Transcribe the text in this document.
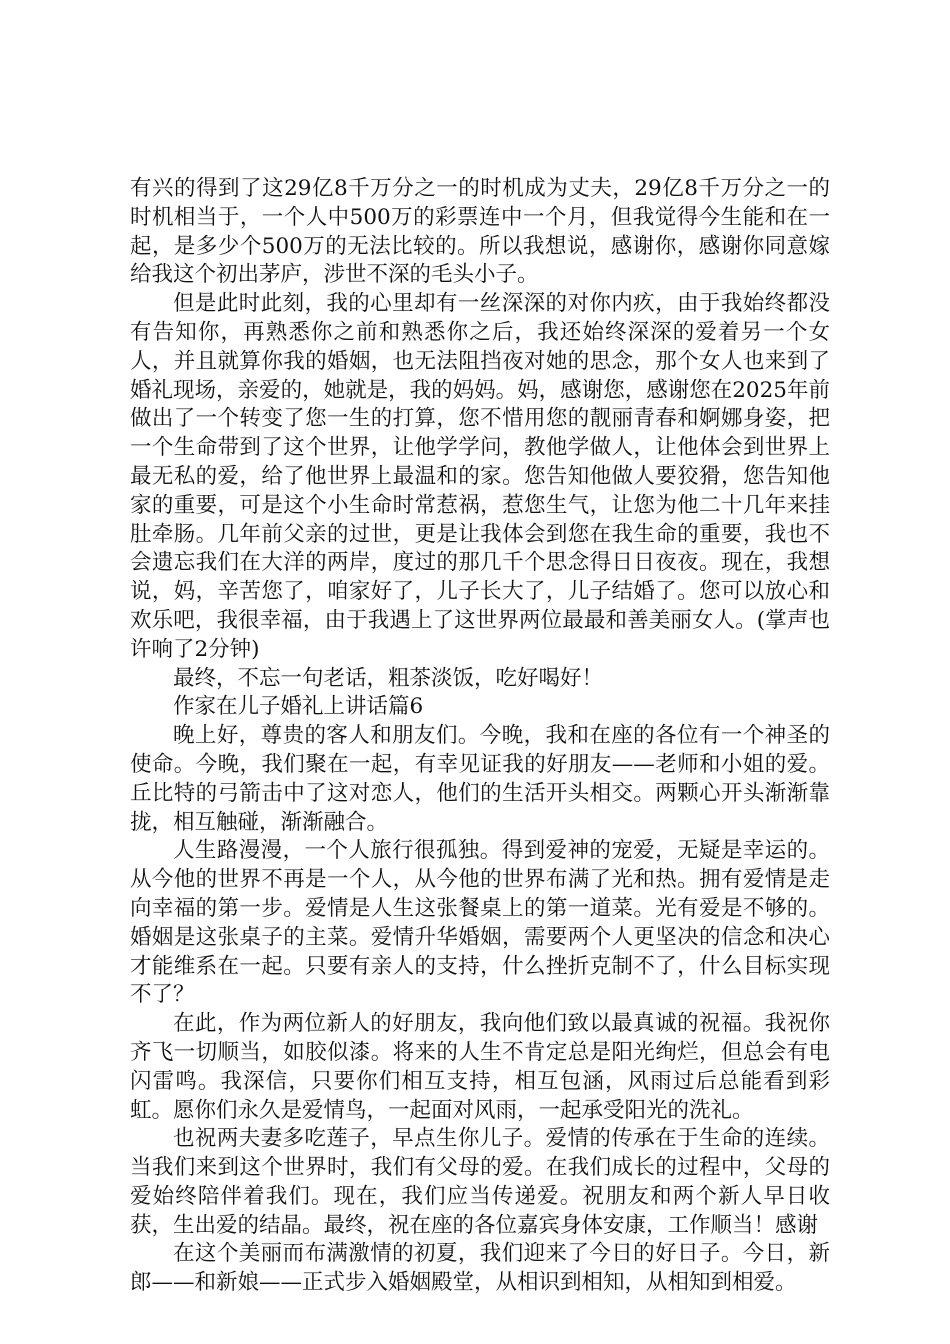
有兴的得到了这29亿8千万分之一的时机成为丈夫，29亿8千万分之一的时机相当于，一个人中500万的彩票连中一个月，但我觉得今生能和在一起，是多少个500万的无法比较的。所以我想说，感谢你，感谢你同意嫁给我这个初出茅庐，涉世不深的毛头小子。

但是此时此刻，我的心里却有一丝深深的对你内疚，由于我始终都没有告知你，再熟悉你之前和熟悉你之后，我还始终深深的爱着另一个女人，并且就算你我的婚姻，也无法阻挡夜对她的思念，那个女人也来到了婚礼现场，亲爱的，她就是，我的妈妈。妈，感谢您，感谢您在2025年前做出了一个转变了您一生的打算，您不惜用您的靓丽青春和婀娜身姿，把一个生命带到了这个世界，让他学学问，教他学做人，让他体会到世界上最无私的爱，给了他世界上最温和的家。您告知他做人要狡猾，您告知他家的重要，可是这个小生命时常惹祸，惹您生气，让您为他二十几年来挂肚牵肠。几年前父亲的过世，更是让我体会到您在我生命的重要，我也不会遗忘我们在大洋的两岸，度过的那几千个思念得日日夜夜。现在，我想说，妈，辛苦您了，咱家好了，儿子长大了，儿子结婚了。您可以放心和欢乐吧，我很幸福，由于我遇上了这世界两位最最和善美丽女人。(掌声也许响了2分钟)

最终，不忘一句老话，粗茶淡饭，吃好喝好！

作家在儿子婚礼上讲话篇6

晚上好，尊贵的客人和朋友们。今晚，我和在座的各位有一个神圣的使命。今晚，我们聚在一起，有幸见证我的好朋友——老师和小姐的爱。丘比特的弓箭击中了这对恋人，他们的生活开头相交。两颗心开头渐渐靠拢，相互触碰，渐渐融合。

人生路漫漫，一个人旅行很孤独。得到爱神的宠爱，无疑是幸运的。从今他的世界不再是一个人，从今他的世界布满了光和热。拥有爱情是走向幸福的第一步。爱情是人生这张餐桌上的第一道菜。光有爱是不够的。婚姻是这张桌子的主菜。爱情升华婚姻，需要两个人更坚决的信念和决心才能维系在一起。只要有亲人的支持，什么挫折克制不了，什么目标实现不了？

在此，作为两位新人的好朋友，我向他们致以最真诚的祝福。我祝你齐飞一切顺当，如胶似漆。将来的人生不肯定总是阳光绚烂，但总会有电闪雷鸣。我深信，只要你们相互支持，相互包涵，风雨过后总能看到彩虹。愿你们永久是爱情鸟，一起面对风雨，一起承受阳光的洗礼。

也祝两夫妻多吃莲子，早点生你儿子。爱情的传承在于生命的连续。当我们来到这个世界时，我们有父母的爱。在我们成长的过程中，父母的爱始终陪伴着我们。现在，我们应当传递爱。祝朋友和两个新人早日收获，生出爱的结晶。最终，祝在座的各位嘉宾身体安康，工作顺当！感谢

在这个美丽而布满激情的初夏，我们迎来了今日的好日子。今日，新郎——和新娘——正式步入婚姻殿堂，从相识到相知，从相知到相爱。
